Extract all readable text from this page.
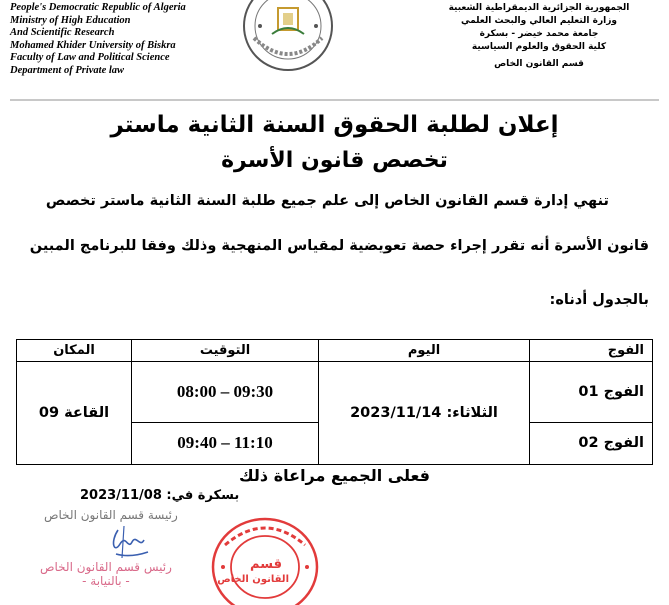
People's Democratic Republic of Algeria
Ministry of High Education
And Scientific Research
Mohamed Khider University of Biskra
Faculty of Law and Political Science
Department of Private law
الجمهورية الجزائرية الديمقراطية الشعبية
وزارة التعليم العالي والبحث العلمي
جامعة محمد خيضر - بسكرة
كلية الحقوق والعلوم السياسية
قسم القانون الخاص
إعلان لطلبة الحقوق السنة الثانية ماستر
تخصص قانون الأسرة
تنهي إدارة قسم القانون الخاص إلى علم جميع طلبة السنة الثانية ماستر تخصص
قانون الأسرة أنه تقرر إجراء حصة تعويضية لمقياس المنهجية وذلك وفقا للبرنامج المبين
بالجدول أدناه:
الفوج	اليوم	التوقيت	المكان
الفوج 01	الثلاثاء: 2023/11/14	09:30 – 08:00	القاعة 09
الفوج 02		11:10 – 09:40	
فعلى الجميع مراعاة ذلك
بسكرة في: 2023/11/08
رئيسة قسم القانون الخاص
رئيس قسم القانون الخاص
- بالنيابة -
قسم
القانون الخاص
